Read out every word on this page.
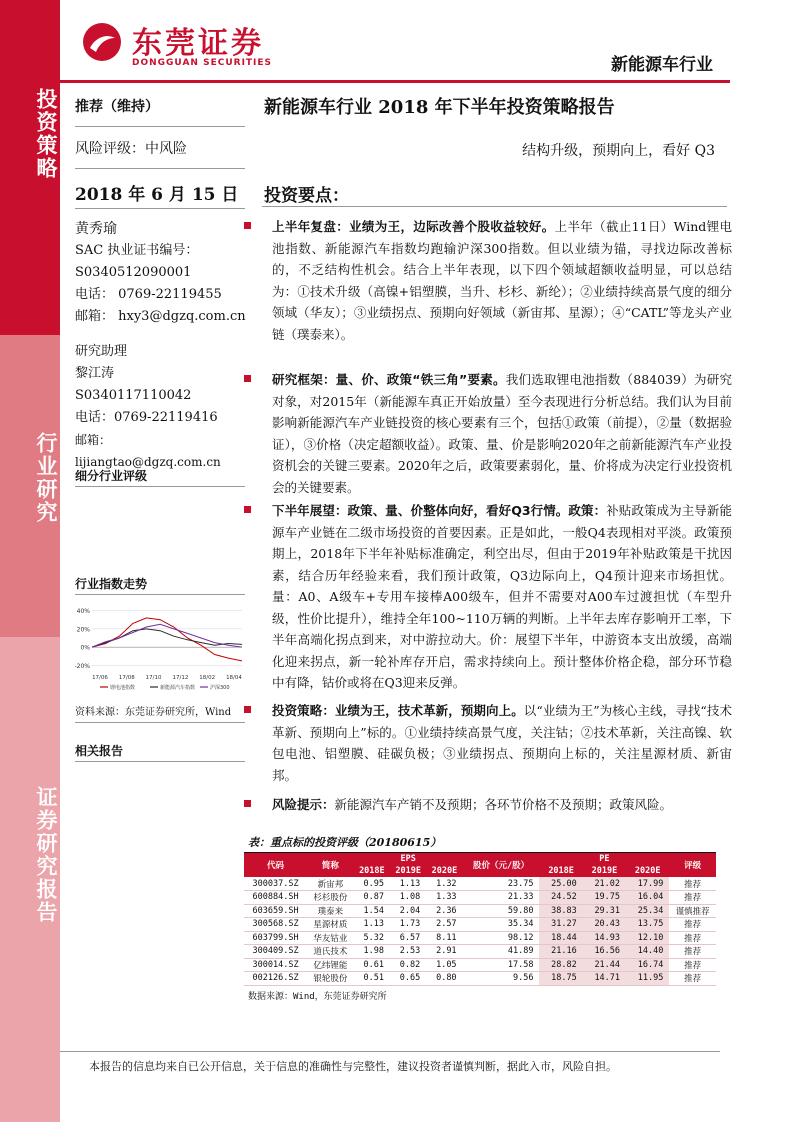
投资策略
行业研究
证券研究报告
东莞证券
DONGGUAN SECURITIES	新能源车行业
推荐（维持）
风险评级：中风险
2018 年 6 月 15 日
黄秀瑜
SAC 执业证书编号：
S0340512090001
电话： 0769-22119455
邮箱： hxy3@dgzq.com.cn
研究助理
黎江涛
S0340117110042
电话：0769-22119416
邮箱：lijiangtao@dgzq.com.cn
细分行业评级
行业指数走势
40%
20%
0%
-20%
17/06 17/08 17/10 17/12 18/02 18/04
锂电池指数	新能源汽车指数	沪深300
资料来源：东莞证券研究所，Wind
相关报告
新能源车行业 2018 年下半年投资策略报告
结构升级，预期向上，看好 Q3
投资要点：
上半年复盘：业绩为王，边际改善个股收益较好。上半年（截止11日）Wind锂电池指数、新能源汽车指数均跑输沪深300指数。但以业绩为锚，寻找边际改善标的，不乏结构性机会。结合上半年表现，以下四个领域超额收益明显，可以总结为：①技术升级（高镍+铝塑膜，当升、杉杉、新纶）；②业绩持续高景气度的细分领域（华友）；③业绩拐点、预期向好领域（新宙邦、星源）；④“CATL”等龙头产业链（璞泰来）。
研究框架：量、价、政策“铁三角”要素。我们选取锂电池指数（884039）为研究对象，对2015年（新能源车真正开始放量）至今表现进行分析总结。我们认为目前影响新能源汽车产业链投资的核心要素有三个，包括①政策（前提），②量（数据验证），③价格（决定超额收益）。政策、量、价是影响2020年之前新能源汽车产业投资机会的关键三要素。2020年之后，政策要素弱化，量、价将成为决定行业投资机会的关键要素。
下半年展望：政策、量、价整体向好，看好Q3行情。政策：补贴政策成为主导新能源车产业链在二级市场投资的首要因素。正是如此，一般Q4表现相对平淡。政策预期上，2018年下半年补贴标准确定，利空出尽，但由于2019年补贴政策是干扰因素，结合历年经验来看，我们预计政策，Q3边际向上，Q4预计迎来市场担忧。量：A0、A级车+专用车接棒A00级车，但并不需要对A00车过渡担忧（车型升级，性价比提升），维持全年100~110万辆的判断。上半年去库存影响开工率，下半年高端化拐点到来，对中游拉动大。价：展望下半年，中游资本支出放缓，高端化迎来拐点，新一轮补库存开启，需求持续向上。预计整体价格企稳，部分环节稳中有降，钴价或将在Q3迎来反弹。
投资策略：业绩为王，技术革新，预期向上。以“业绩为王”为核心主线，寻找“技术革新、预期向上”标的。①业绩持续高景气度，关注钴；②技术革新，关注高镍、软包电池、铝塑膜、硅碳负极；③业绩拐点、预期向上标的，关注星源材质、新宙邦。
风险提示：新能源汽车产销不及预期；各环节价格不及预期；政策风险。
表：重点标的投资评级（20180615）
代码	简称	EPS			股价（元/股）	PE			评级
		2018E	2019E	2020E		2018E	2019E	2020E	
300037.SZ	新宙邦	0.95	1.13	1.32	23.75	25.00	21.02	17.99	推荐
600884.SH	杉杉股份	0.87	1.08	1.33	21.33	24.52	19.75	16.04	推荐
603659.SH	璞泰来	1.54	2.04	2.36	59.80	38.83	29.31	25.34	谨慎推荐
300568.SZ	星源材质	1.13	1.73	2.57	35.34	31.27	20.43	13.75	推荐
603799.SH	华友钴业	5.32	6.57	8.11	98.12	18.44	14.93	12.10	推荐
300409.SZ	道氏技术	1.98	2.53	2.91	41.89	21.16	16.56	14.40	推荐
300014.SZ	亿纬锂能	0.61	0.82	1.05	17.58	28.82	21.44	16.74	推荐
002126.SZ	银轮股份	0.51	0.65	0.80	9.56	18.75	14.71	11.95	推荐
数据来源：Wind，东莞证券研究所
本报告的信息均来自已公开信息，关于信息的准确性与完整性，建议投资者谨慎判断，据此入市，风险自担。
